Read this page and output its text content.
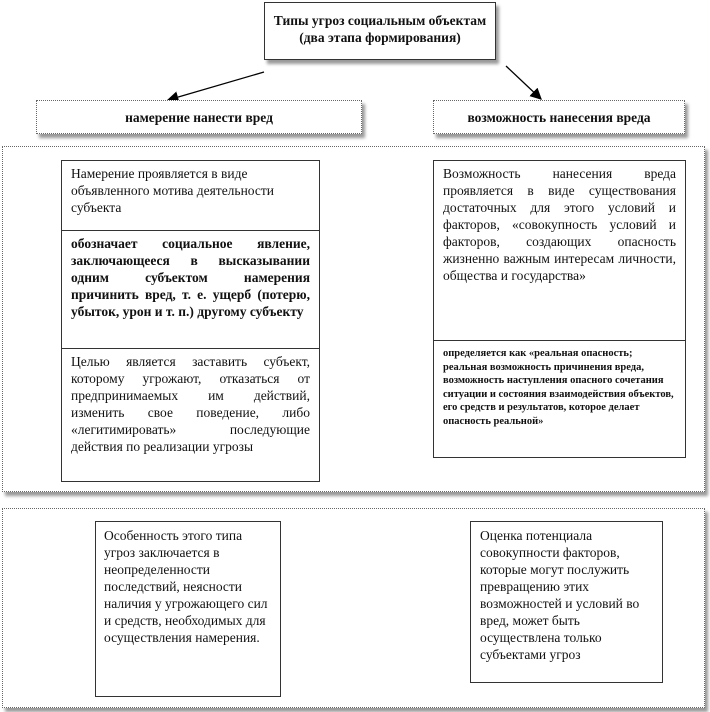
Типы угроз социальным объектам
(два этапа формирования)
намерение нанести вред	возможность нанесения вреда
Намерение проявляется в виде объявленного мотива деятельности субъекта
обозначает социальное явление, заключающееся в высказывании одним субъектом намерения причинить вред, т. е. ущерб (потерю, убыток, урон и т. п.) другому субъекту
Целью является заставить субъект, которому угрожают, отказаться от предпринимаемых им действий, изменить свое поведение, либо «легитимировать» последующие действия по реализации угрозы
Возможность нанесения вреда проявляется в виде существования достаточных для этого условий и факторов, «совокупность условий и факторов, создающих опасность жизненно важным интересам личности, общества и государства»
определяется как «реальная опасность; реальная возможность причинения вреда, возможность наступления опасного сочетания ситуации и состояния взаимодействия объектов, его средств и результатов, которое делает опасность реальной»
Особенность этого типа угроз заключается в неопределенности последствий, неясности наличия у угрожающего сил и средств, необходимых для осуществления намерения.
Оценка потенциала совокупности факторов, которые могут послужить превращению этих возможностей и условий во вред, может быть осуществлена только субъектами угроз
